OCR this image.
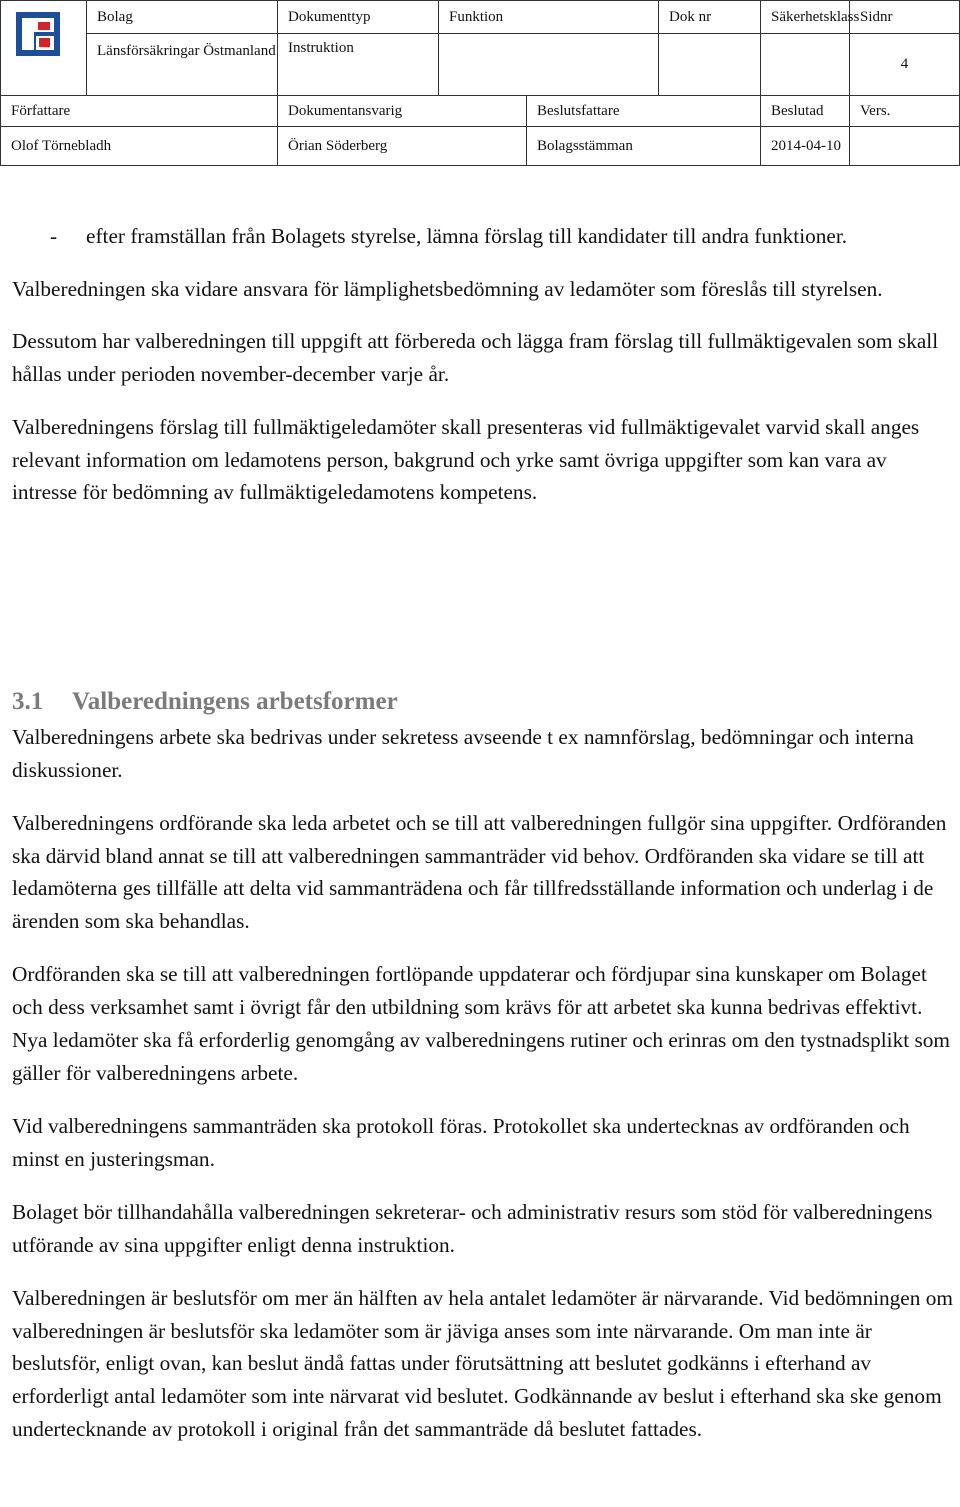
	Bolag	Dokumenttyp	Funktion		Dok nr	Säkerhetsklass	Sidnr
	Länsförsäkringar Östmanland	Instruktion					4
Författare		Dokumentansvarig		Beslutsfattare		Beslutad	Vers.
Olof Törnebladh		Örian Söderberg		Bolagsstämman		2014-04-10	
-	efter framställan från Bolagets styrelse, lämna förslag till kandidater till andra funktioner.

Valberedningen ska vidare ansvara för lämplighetsbedömning av ledamöter som föreslås till styrelsen.

Dessutom har valberedningen till uppgift att förbereda och lägga fram förslag till fullmäktigevalen som skall hållas under perioden november-december varje år.

Valberedningens förslag till fullmäktigeledamöter skall presenteras vid fullmäktigevalet varvid skall anges relevant information om ledamotens person, bakgrund och yrke samt övriga uppgifter som kan vara av intresse för bedömning av fullmäktigeledamotens kompetens.

3.1 Valberedningens arbetsformer

Valberedningens arbete ska bedrivas under sekretess avseende t ex namnförslag, bedömningar och interna diskussioner.

Valberedningens ordförande ska leda arbetet och se till att valberedningen fullgör sina uppgifter. Ordföranden ska därvid bland annat se till att valberedningen sammanträder vid behov. Ordföranden ska vidare se till att ledamöterna ges tillfälle att delta vid sammanträdena och får tillfredsställande information och underlag i de ärenden som ska behandlas.

Ordföranden ska se till att valberedningen fortlöpande uppdaterar och fördjupar sina kunskaper om Bolaget och dess verksamhet samt i övrigt får den utbildning som krävs för att arbetet ska kunna bedrivas effektivt. Nya ledamöter ska få erforderlig genomgång av valberedningens rutiner och erinras om den tystnadsplikt som gäller för valberedningens arbete.

Vid valberedningens sammanträden ska protokoll föras. Protokollet ska undertecknas av ordföranden och minst en justeringsman.

Bolaget bör tillhandahålla valberedningen sekreterar- och administrativ resurs som stöd för valberedningens utförande av sina uppgifter enligt denna instruktion.

Valberedningen är beslutsför om mer än hälften av hela antalet ledamöter är närvarande. Vid bedömningen om valberedningen är beslutsför ska ledamöter som är jäviga anses som inte närvarande. Om man inte är beslutsför, enligt ovan, kan beslut ändå fattas under förutsättning att beslutet godkänns i efterhand av erforderligt antal ledamöter som inte närvarat vid beslutet. Godkännande av beslut i efterhand ska ske genom undertecknande av protokoll i original från det sammanträde då beslutet fattades.
